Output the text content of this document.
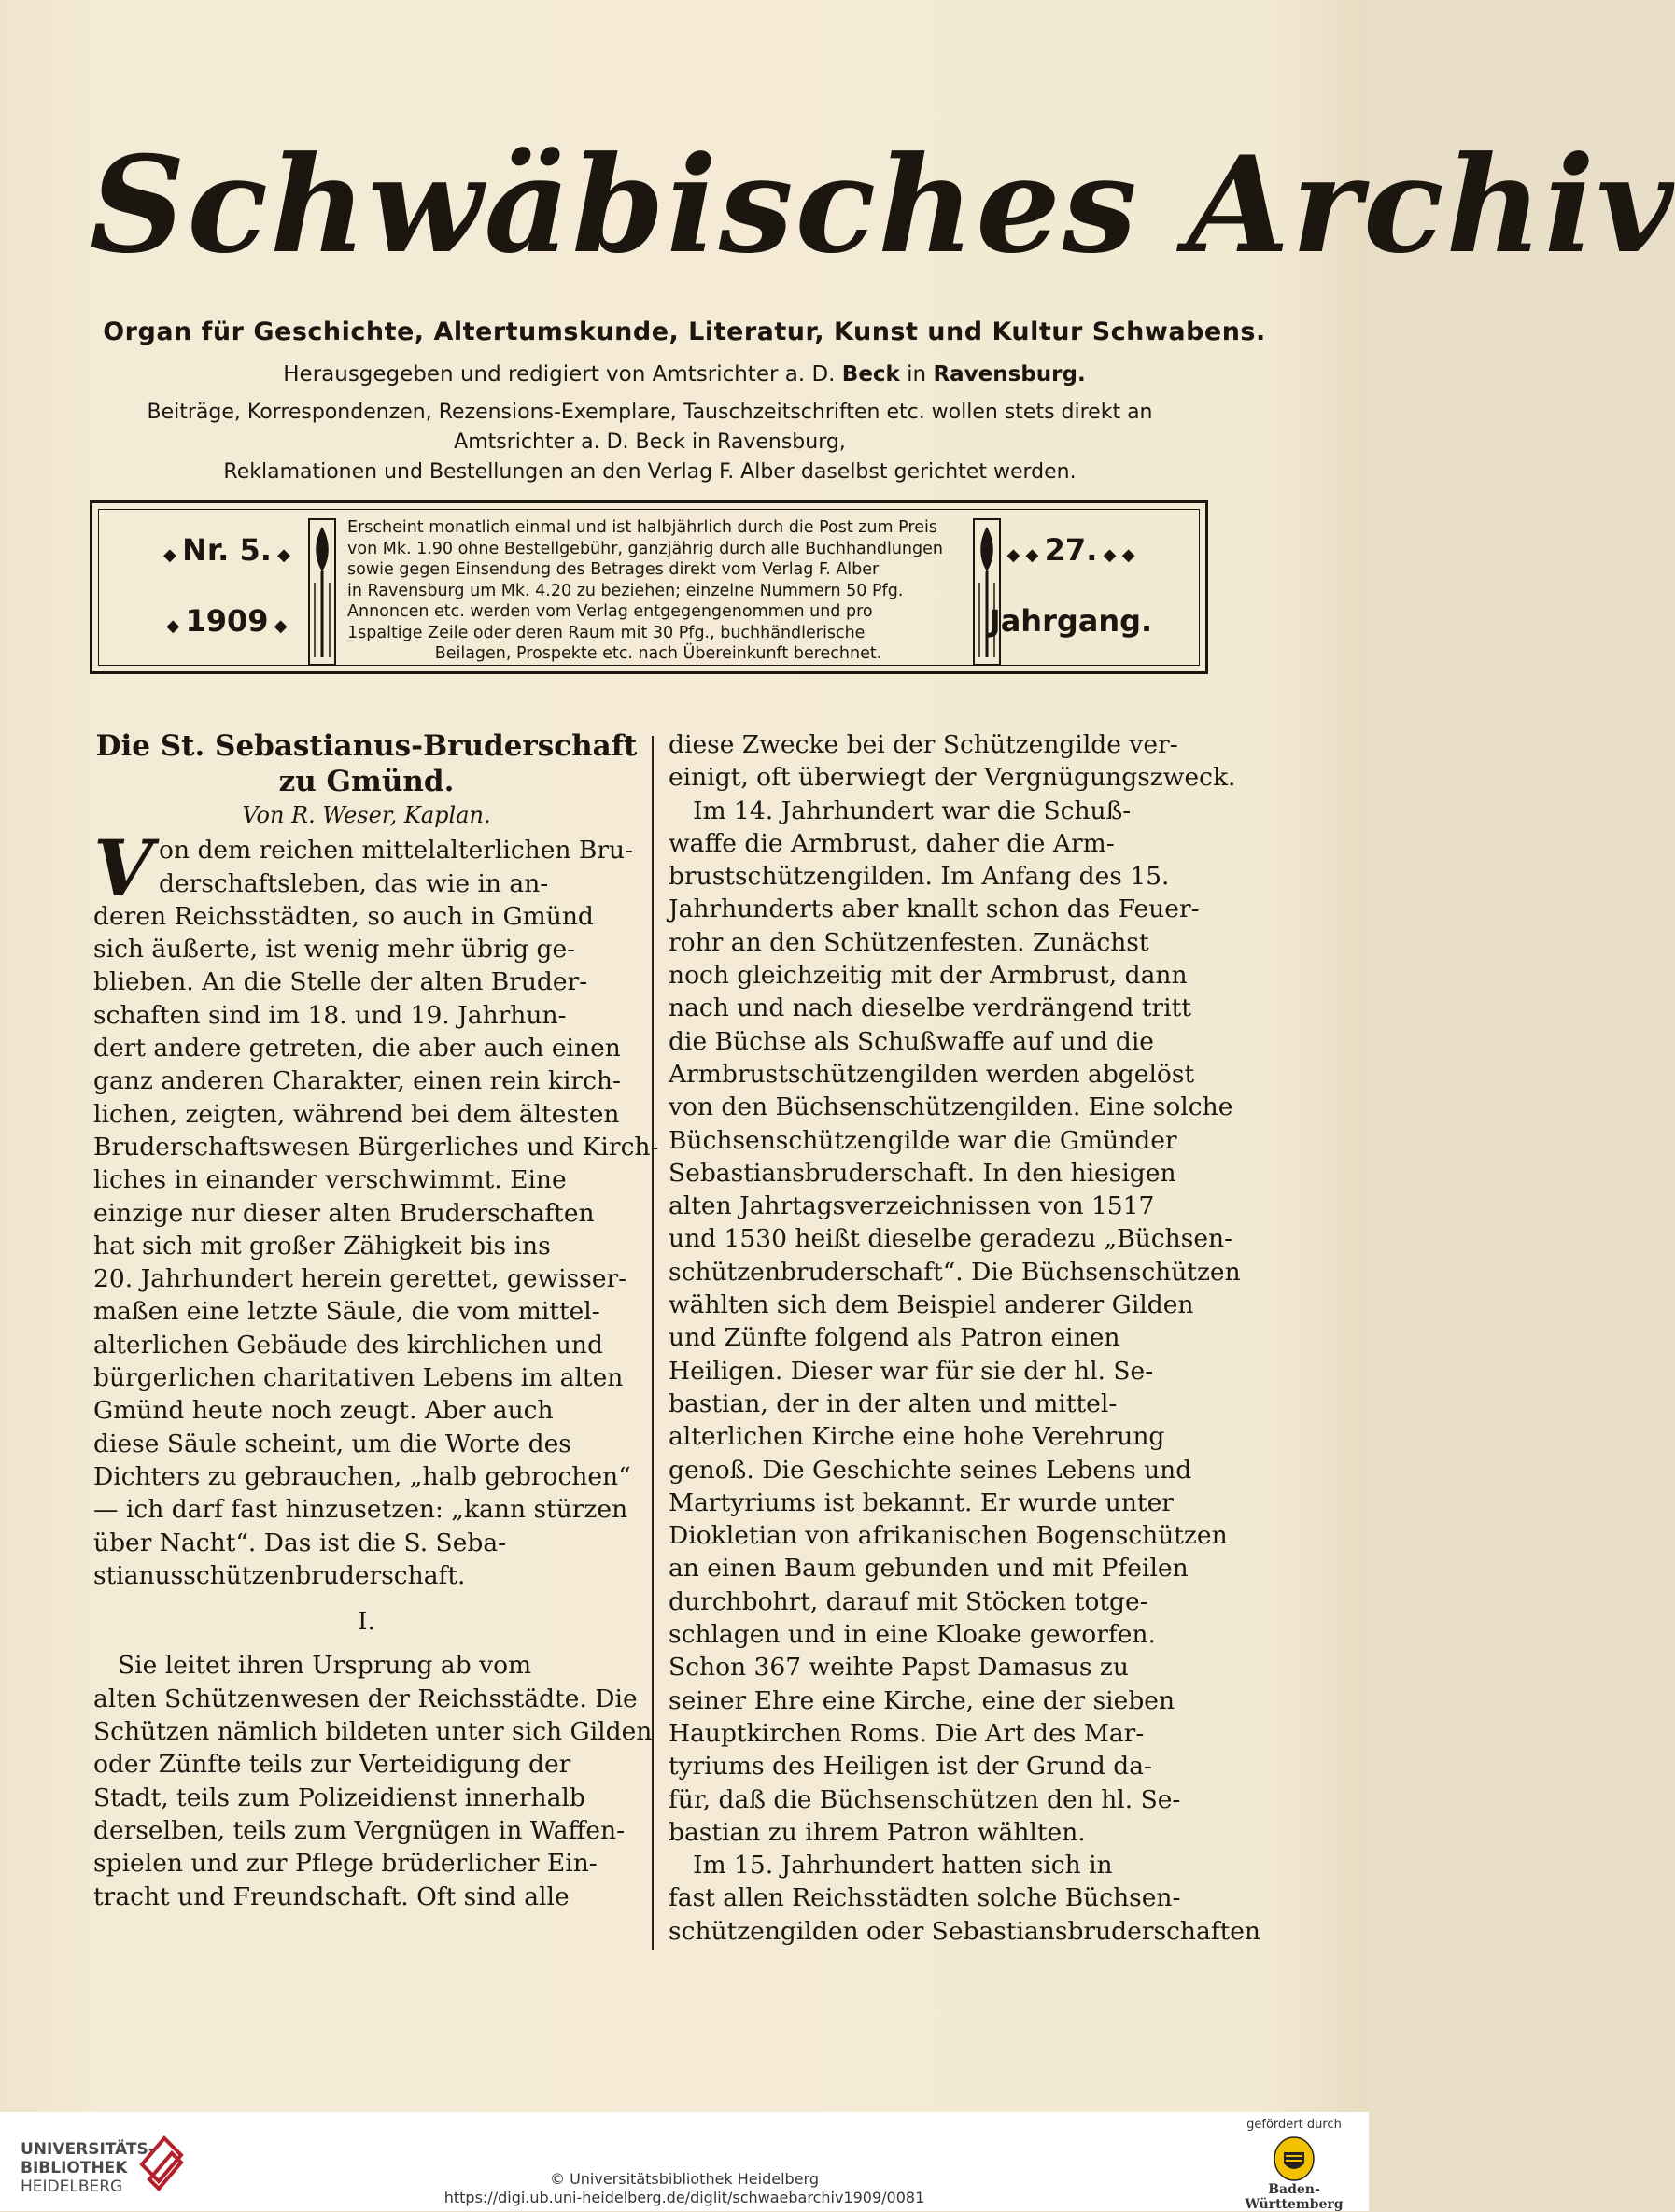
Schwäbisches Archiv
Organ für Geschichte, Altertumskunde, Literatur, Kunst und Kultur Schwabens.
Herausgegeben und redigiert von Amtsrichter a. D. Beck in Ravensburg.
Beiträge, Korrespondenzen, Rezensions-Exemplare, Tauschzeitschriften etc. wollen stets direkt an
Amtsrichter a. D. Beck in Ravensburg,
Reklamationen und Bestellungen an den Verlag F. Alber daselbst gerichtet werden.
◆ Nr. 5. ◆
◆ 1909 ◆
Erscheint monatlich einmal und ist halbjährlich durch die Post zum Preis
von Mk. 1.90 ohne Bestellgebühr, ganzjährig durch alle Buchhandlungen
sowie gegen Einsendung des Betrages direkt vom Verlag F. Alber
in Ravensburg um Mk. 4.20 zu beziehen; einzelne Nummern 50 Pfg.
Annoncen etc. werden vom Verlag entgegengenommen und pro
1spaltige Zeile oder deren Raum mit 30 Pfg., buchhändlerische
Beilagen, Prospekte etc. nach Übereinkunft berechnet.
◆ ◆ 27. ◆ ◆
Jahrgang.
Die St. Sebastianus-Bruderschaft
zu Gmünd.
Von R. Weser, Kaplan.
V on dem reichen mittelalterlichen Bru-
derschaftsleben, das wie in an-
deren Reichsstädten, so auch in Gmünd
sich äußerte, ist wenig mehr übrig ge-
blieben. An die Stelle der alten Bruder-
schaften sind im 18. und 19. Jahrhun-
dert andere getreten, die aber auch einen
ganz anderen Charakter, einen rein kirch-
lichen, zeigten, während bei dem ältesten
Bruderschaftswesen Bürgerliches und Kirch-
liches in einander verschwimmt. Eine
einzige nur dieser alten Bruderschaften
hat sich mit großer Zähigkeit bis ins
20. Jahrhundert herein gerettet, gewisser-
maßen eine letzte Säule, die vom mittel-
alterlichen Gebäude des kirchlichen und
bürgerlichen charitativen Lebens im alten
Gmünd heute noch zeugt. Aber auch
diese Säule scheint, um die Worte des
Dichters zu gebrauchen, „halb gebrochen“
— ich darf fast hinzusetzen: „kann stürzen
über Nacht“. Das ist die S. Seba-
stianusschützenbruderschaft.
I.
Sie leitet ihren Ursprung ab vom
alten Schützenwesen der Reichsstädte. Die
Schützen nämlich bildeten unter sich Gilden
oder Zünfte teils zur Verteidigung der
Stadt, teils zum Polizeidienst innerhalb
derselben, teils zum Vergnügen in Waffen-
spielen und zur Pflege brüderlicher Ein-
tracht und Freundschaft. Oft sind alle
diese Zwecke bei der Schützengilde ver-
einigt, oft überwiegt der Vergnügungszweck.
Im 14. Jahrhundert war die Schuß-
waffe die Armbrust, daher die Arm-
brustschützengilden. Im Anfang des 15.
Jahrhunderts aber knallt schon das Feuer-
rohr an den Schützenfesten. Zunächst
noch gleichzeitig mit der Armbrust, dann
nach und nach dieselbe verdrängend tritt
die Büchse als Schußwaffe auf und die
Armbrustschützengilden werden abgelöst
von den Büchsenschützengilden. Eine solche
Büchsenschützengilde war die Gmünder
Sebastiansbruderschaft. In den hiesigen
alten Jahrtagsverzeichnissen von 1517
und 1530 heißt dieselbe geradezu „Büchsen-
schützenbruderschaft“. Die Büchsenschützen
wählten sich dem Beispiel anderer Gilden
und Zünfte folgend als Patron einen
Heiligen. Dieser war für sie der hl. Se-
bastian, der in der alten und mittel-
alterlichen Kirche eine hohe Verehrung
genoß. Die Geschichte seines Lebens und
Martyriums ist bekannt. Er wurde unter
Diokletian von afrikanischen Bogenschützen
an einen Baum gebunden und mit Pfeilen
durchbohrt, darauf mit Stöcken totge-
schlagen und in eine Kloake geworfen.
Schon 367 weihte Papst Damasus zu
seiner Ehre eine Kirche, eine der sieben
Hauptkirchen Roms. Die Art des Mar-
tyriums des Heiligen ist der Grund da-
für, daß die Büchsenschützen den hl. Se-
bastian zu ihrem Patron wählten.
Im 15. Jahrhundert hatten sich in
fast allen Reichsstädten solche Büchsen-
schützengilden oder Sebastiansbruderschaften
UNIVERSITÄTS-
BIBLIOTHEK
HEIDELBERG	© Universitätsbibliothek Heidelberg
https://digi.ub.uni-heidelberg.de/diglit/schwaebarchiv1909/0081
gefördert durch
Baden-Württemberg
